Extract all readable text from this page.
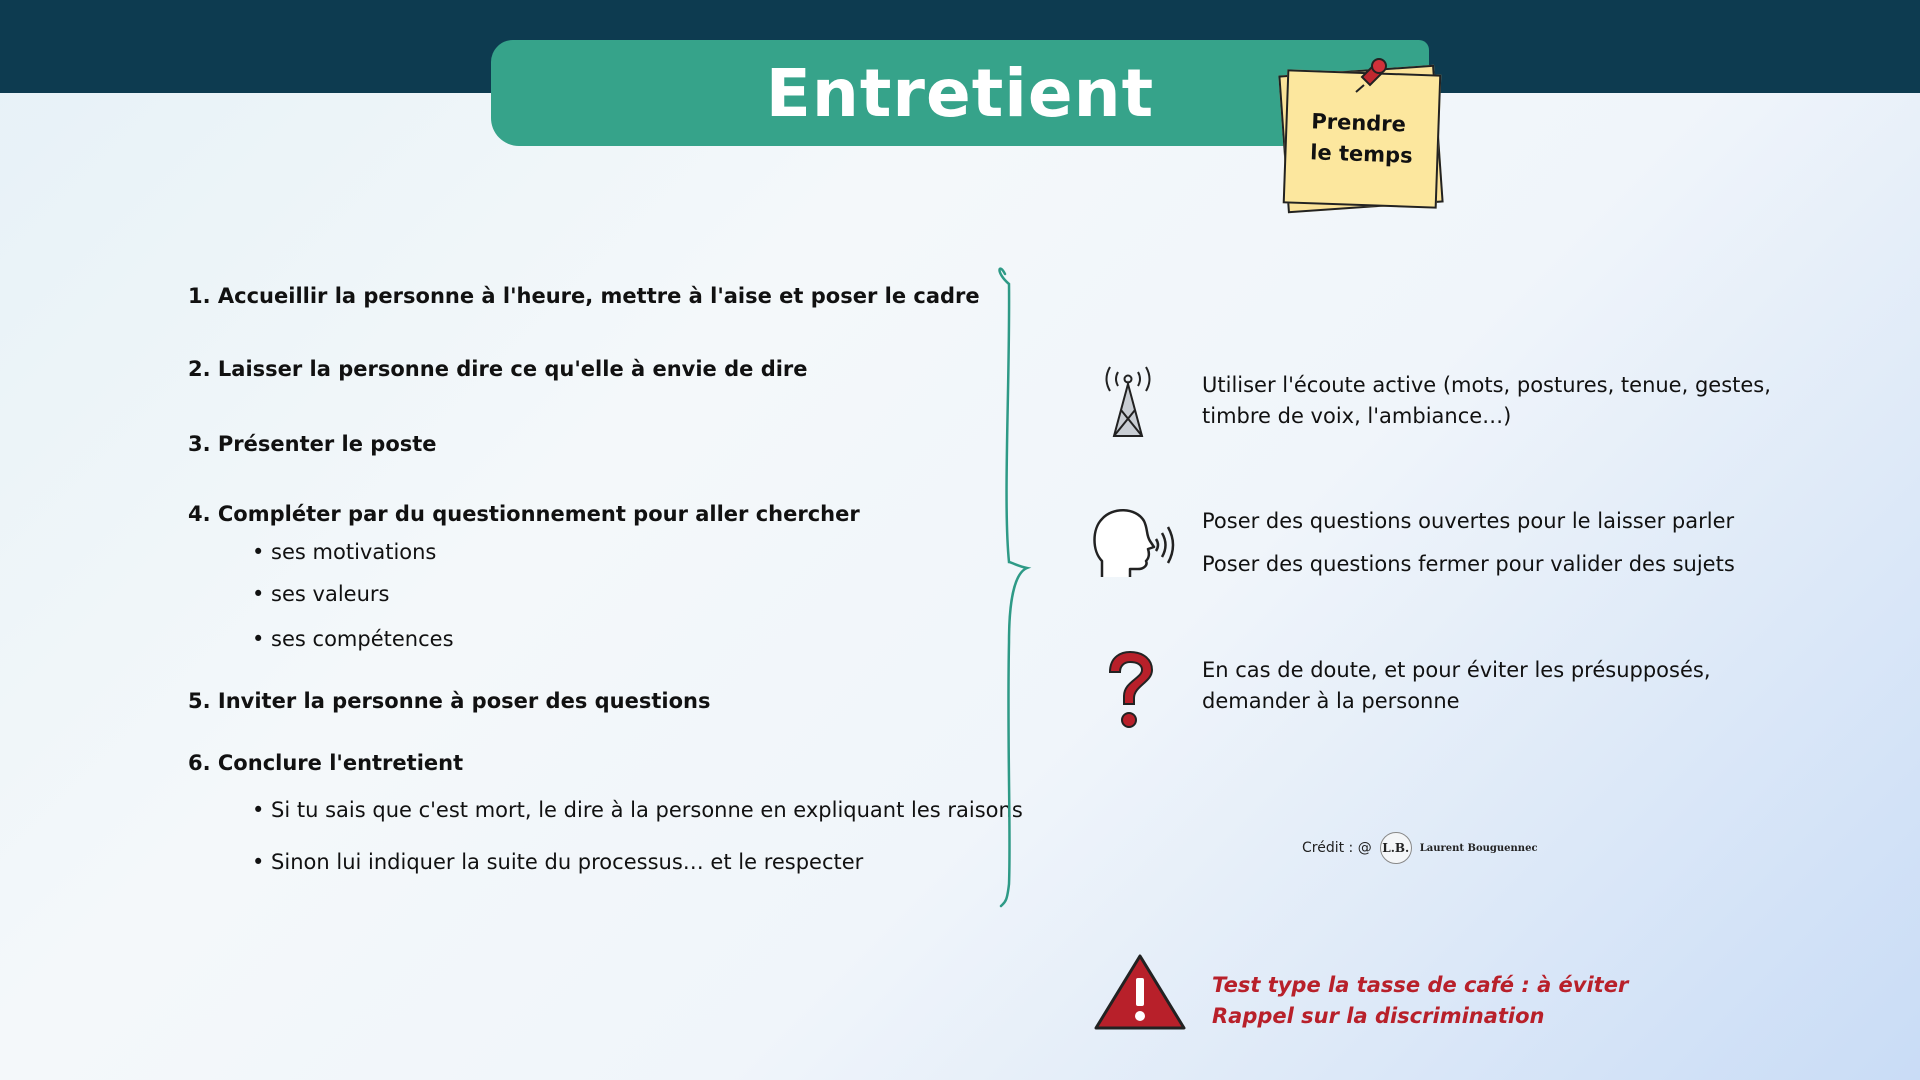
Entretient	Prendre
le temps
1. Accueillir la personne à l'heure, mettre à l'aise et poser le cadre
2. Laisser la personne dire ce qu'elle à envie de dire
3. Présenter le poste
4. Compléter par du questionnement pour aller chercher
• ses motivations
• ses valeurs
• ses compétences
5. Inviter la personne à poser des questions
6. Conclure l'entretient
• Si tu sais que c'est mort, le dire à la personne en expliquant les raisons
• Sinon lui indiquer la suite du processus… et le respecter
Utiliser l'écoute active (mots, postures, tenue, gestes,
timbre de voix, l'ambiance…)
Poser des questions ouvertes pour le laisser parler
Poser des questions fermer pour valider des sujets
En cas de doute, et pour éviter les présupposés,
demander à la personne
Crédit : @ L.B. Laurent Bouguennec
Test type la tasse de café : à éviter
Rappel sur la discrimination
